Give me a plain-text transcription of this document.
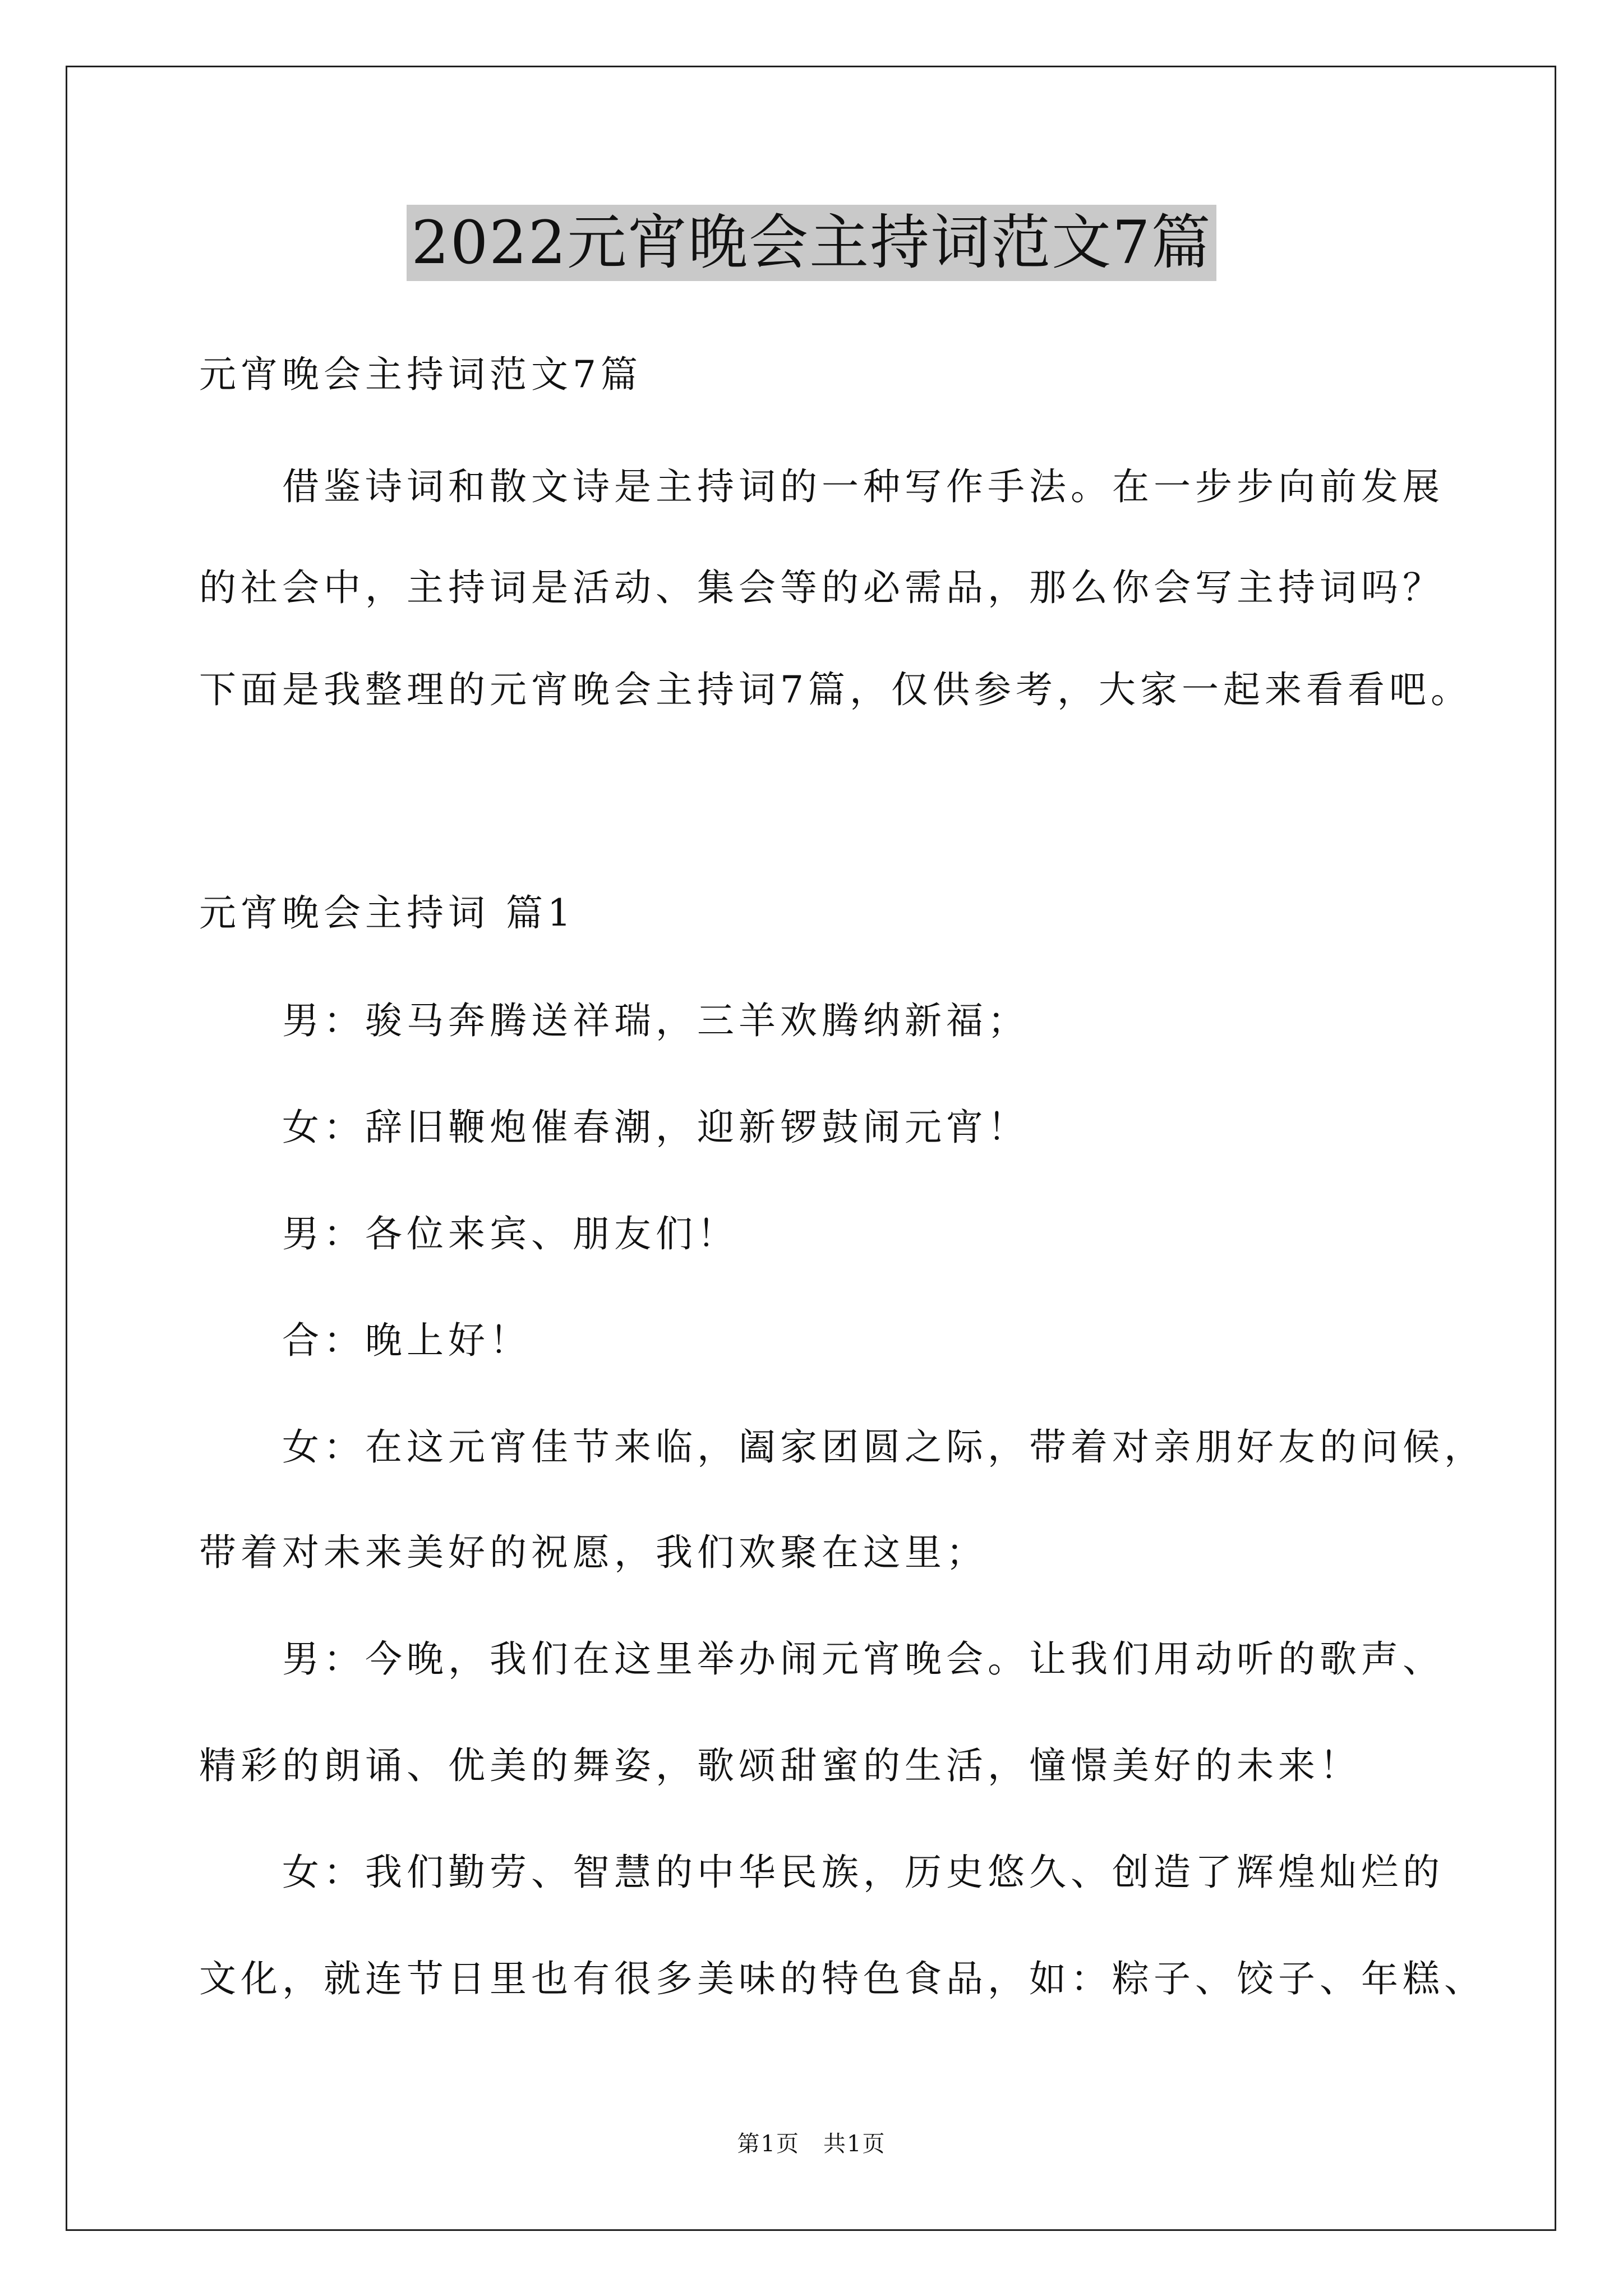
2022元宵晚会主持词范文7篇
元宵晚会主持词范文7篇
借鉴诗词和散文诗是主持词的一种写作手法。在一步步向前发展
的社会中，主持词是活动、集会等的必需品，那么你会写主持词吗？
下面是我整理的元宵晚会主持词7篇，仅供参考，大家一起来看看吧。
元宵晚会主持词 篇1
男：骏马奔腾送祥瑞，三羊欢腾纳新福；
女：辞旧鞭炮催春潮，迎新锣鼓闹元宵！
男：各位来宾、朋友们！
合：晚上好！
女：在这元宵佳节来临，阖家团圆之际，带着对亲朋好友的问候，
带着对未来美好的祝愿，我们欢聚在这里；
男：今晚，我们在这里举办闹元宵晚会。让我们用动听的歌声、
精彩的朗诵、优美的舞姿，歌颂甜蜜的生活，憧憬美好的未来！
女：我们勤劳、智慧的中华民族，历史悠久、创造了辉煌灿烂的
文化，就连节日里也有很多美味的特色食品，如：粽子、饺子、年糕、
第1页　共1页
